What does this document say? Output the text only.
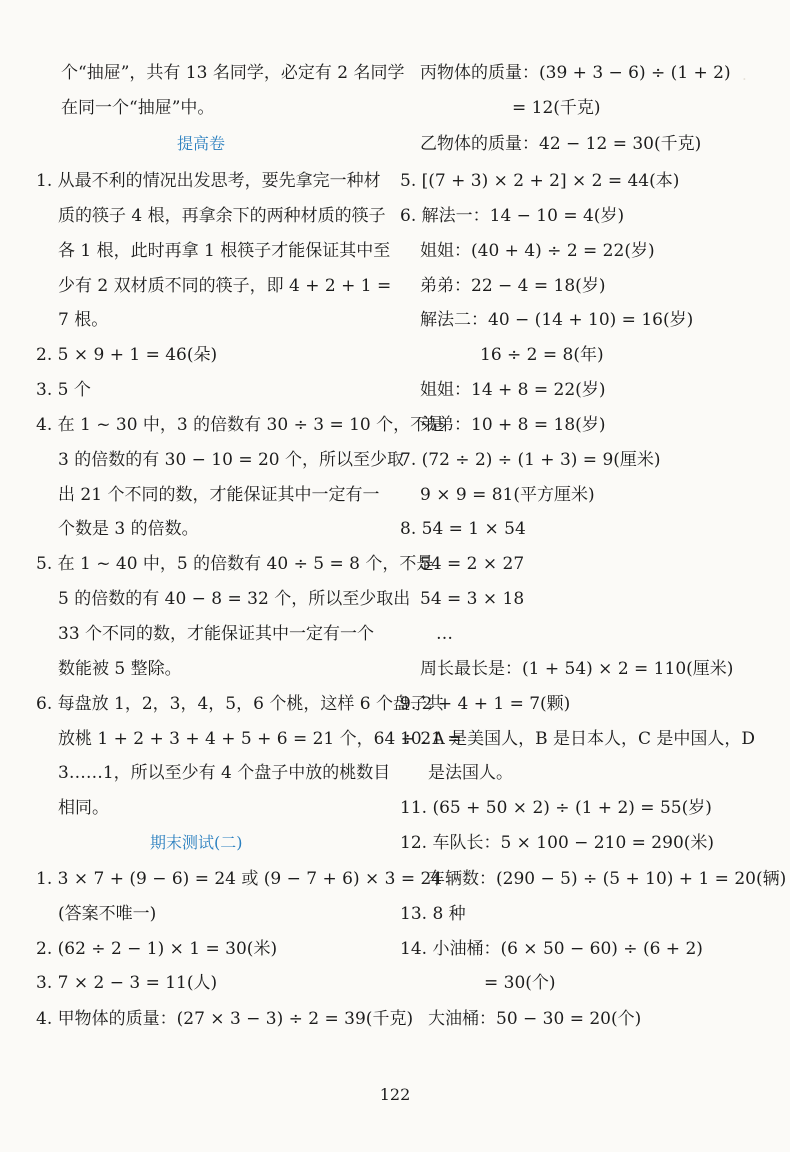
·
个“抽屉”，共有 13 名同学，必定有 2 名同学
在同一个“抽屉”中。
提高卷
1. 从最不利的情况出发思考，要先拿完一种材
质的筷子 4 根，再拿余下的两种材质的筷子
各 1 根，此时再拿 1 根筷子才能保证其中至
少有 2 双材质不同的筷子，即 4 + 2 + 1 =
7 根。
2. 5 × 9 + 1 = 46(朵)
3. 5 个
4. 在 1 ~ 30 中，3 的倍数有 30 ÷ 3 = 10 个，不是
3 的倍数的有 30 − 10 = 20 个，所以至少取
出 21 个不同的数，才能保证其中一定有一
个数是 3 的倍数。
5. 在 1 ~ 40 中，5 的倍数有 40 ÷ 5 = 8 个，不是
5 的倍数的有 40 − 8 = 32 个，所以至少取出
33 个不同的数，才能保证其中一定有一个
数能被 5 整除。
6. 每盘放 1，2，3，4，5，6 个桃，这样 6 个盘子共
放桃 1 + 2 + 3 + 4 + 5 + 6 = 21 个，64 ÷ 21 =
3……1，所以至少有 4 个盘子中放的桃数目
相同。
期末测试(二)
1. 3 × 7 + (9 − 6) = 24 或 (9 − 7 + 6) × 3 = 24
(答案不唯一)
2. (62 ÷ 2 − 1) × 1 = 30(米)
3. 7 × 2 − 3 = 11(人)
4. 甲物体的质量：(27 × 3 − 3) ÷ 2 = 39(千克)
丙物体的质量：(39 + 3 − 6) ÷ (1 + 2)
= 12(千克)
乙物体的质量：42 − 12 = 30(千克)
5. [(7 + 3) × 2 + 2] × 2 = 44(本)
6. 解法一：14 − 10 = 4(岁)
姐姐：(40 + 4) ÷ 2 = 22(岁)
弟弟：22 − 4 = 18(岁)
解法二：40 − (14 + 10) = 16(岁)
16 ÷ 2 = 8(年)
姐姐：14 + 8 = 22(岁)
弟弟：10 + 8 = 18(岁)
7. (72 ÷ 2) ÷ (1 + 3) = 9(厘米)
9 × 9 = 81(平方厘米)
8. 54 = 1 × 54
54 = 2 × 27
54 = 3 × 18
…
周长最长是：(1 + 54) × 2 = 110(厘米)
9. 2 + 4 + 1 = 7(颗)
10. A 是美国人，B 是日本人，C 是中国人，D
是法国人。
11. (65 + 50 × 2) ÷ (1 + 2) = 55(岁)
12. 车队长：5 × 100 − 210 = 290(米)
车辆数：(290 − 5) ÷ (5 + 10) + 1 = 20(辆)
13. 8 种
14. 小油桶：(6 × 50 − 60) ÷ (6 + 2)
= 30(个)
大油桶：50 − 30 = 20(个)
122
